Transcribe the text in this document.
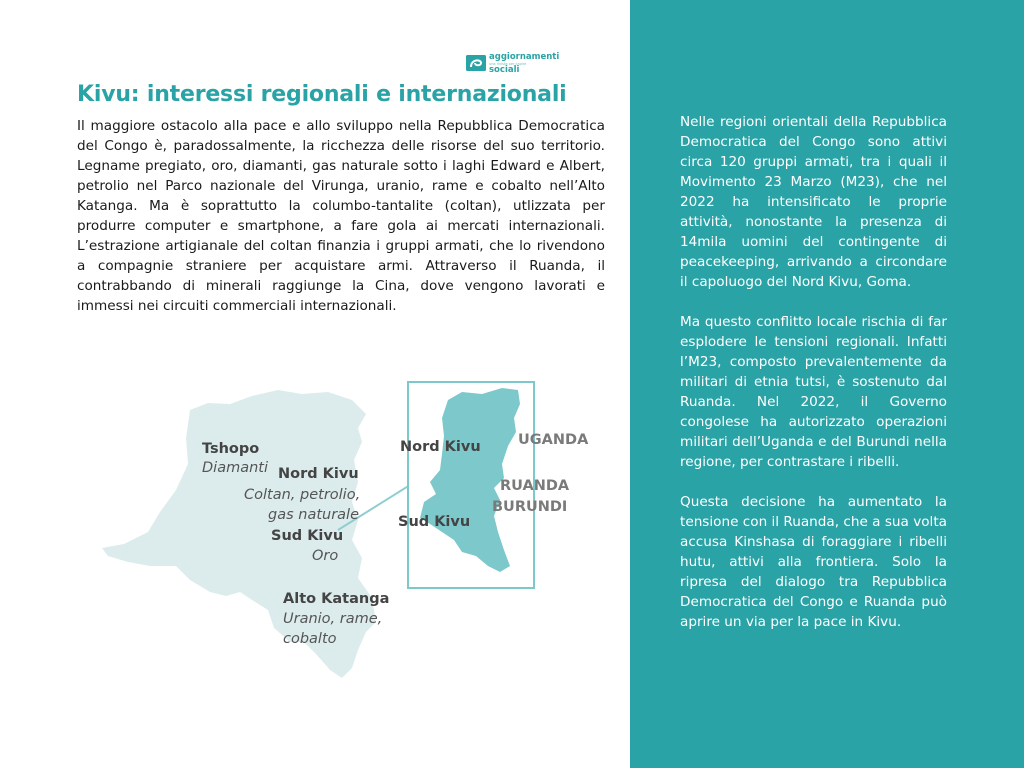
aggiornamenti
una rivista per capire
sociali
Kivu: interessi regionali e internazionali

Il maggiore ostacolo alla pace e allo sviluppo nella Repubblica Democratica del Congo è, paradossalmente, la ricchezza delle risorse del suo territorio. Legname pregiato, oro, diamanti, gas naturale sotto i laghi Edward e Albert, petrolio nel Parco nazionale del Virunga, uranio, rame e cobalto nell’Alto Katanga. Ma è soprattutto la columbo-tantalite (coltan), utlizzata per produrre computer e smartphone, a fare gola ai mercati internazionali. L’estrazione artigianale del coltan finanzia i gruppi armati, che lo rivendono a compagnie straniere per acquistare armi. Attraverso il Ruanda, il contrabbando di minerali raggiunge la Cina, dove vengono lavorati e immessi nei circuiti commerciali internazionali.

Tshopo
Diamanti Nord Kivu
Coltan, petrolio,
gas naturale
Sud Kivu
Oro
Alto Katanga
Uranio, rame,
cobalto
Nord Kivu
Sud Kivu
UGANDA
RUANDA
BURUNDI

Nelle regioni orientali della Repubblica Democratica del Congo sono attivi circa 120 gruppi armati, tra i quali il Movimento 23 Marzo (M23), che nel 2022 ha intensificato le proprie attività, nonostante la presenza di 14mila uomini del contingente di peacekeeping, arrivando a circondare il capoluogo del Nord Kivu, Goma.

Ma questo conflitto locale rischia di far esplodere le tensioni regionali. Infatti l’M23, composto prevalentemente da militari di etnia tutsi, è sostenuto dal Ruanda. Nel 2022, il Governo congolese ha autorizzato operazioni militari dell’Uganda e del Burundi nella regione, per contrastare i ribelli.

Questa decisione ha aumentato la tensione con il Ruanda, che a sua volta accusa Kinshasa di foraggiare i ribelli hutu, attivi alla frontiera. Solo la ripresa del dialogo tra Repubblica Democratica del Congo e Ruanda può aprire un via per la pace in Kivu.
